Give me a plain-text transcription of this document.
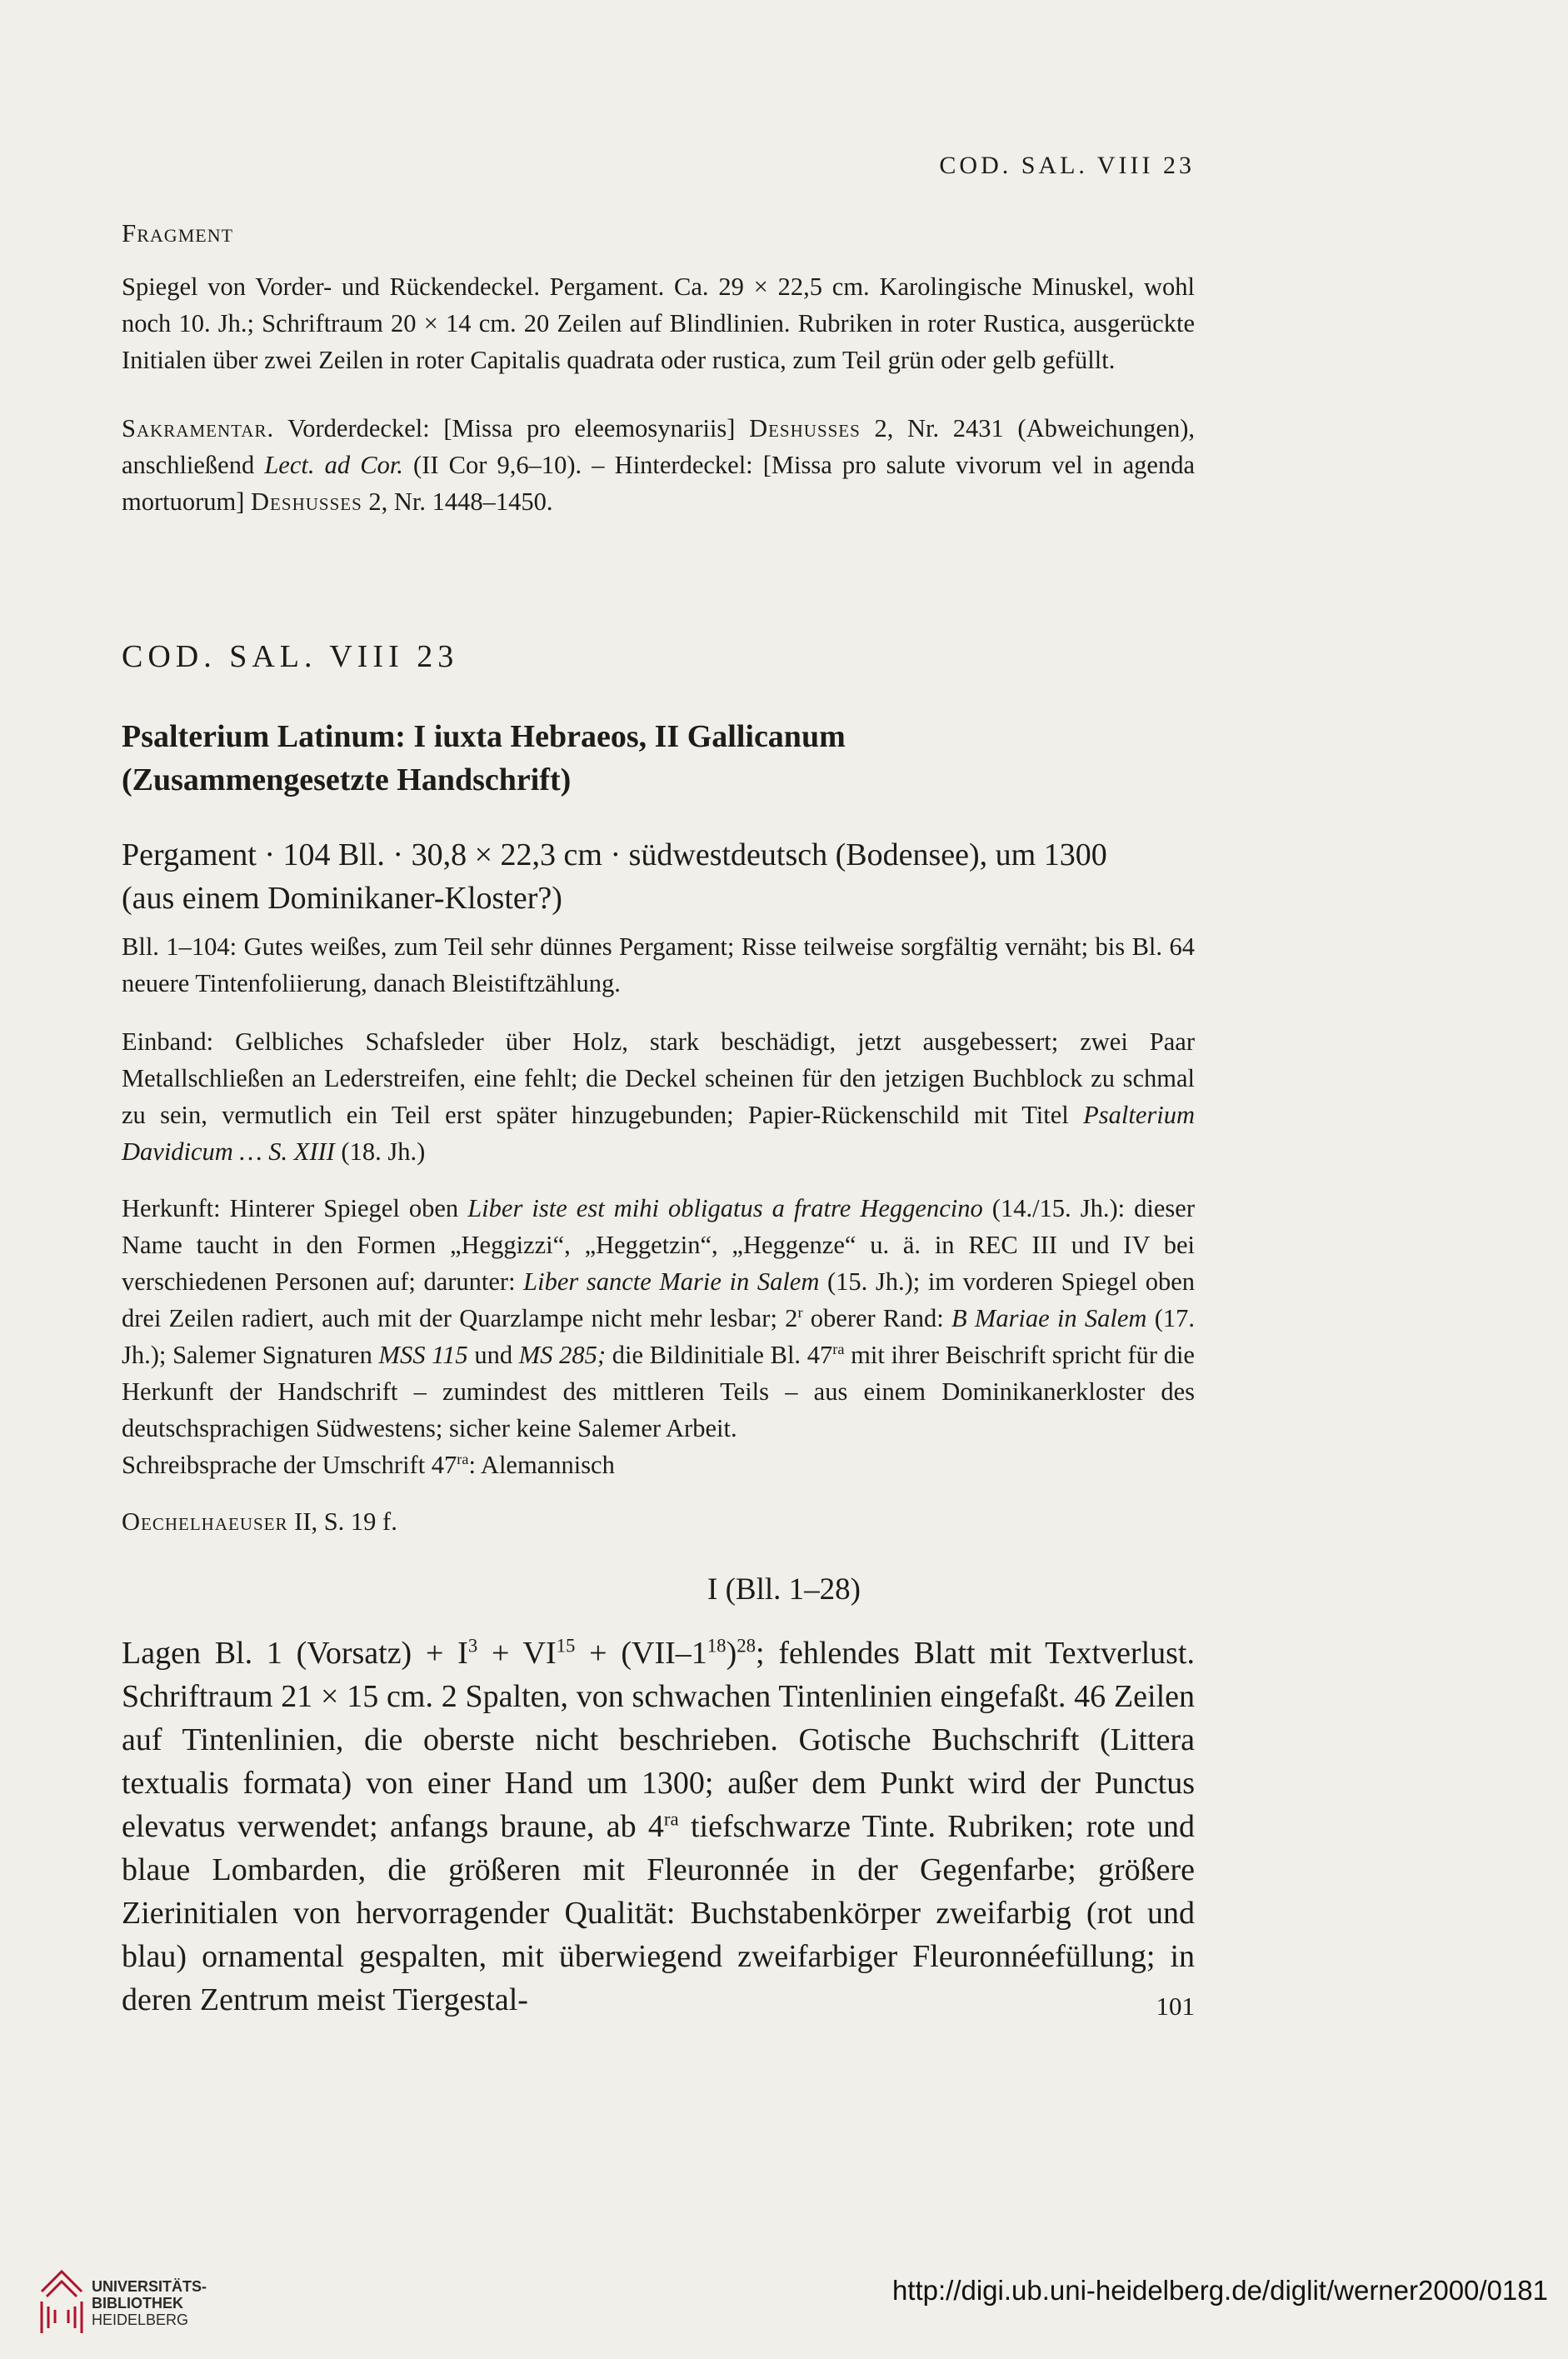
COD. SAL. VIII 23
Fragment

Spiegel von Vorder- und Rückendeckel. Pergament. Ca. 29 × 22,5 cm. Karolingische Minuskel, wohl noch 10. Jh.; Schriftraum 20 × 14 cm. 20 Zeilen auf Blindlinien. Rubriken in roter Rustica, ausgerückte Initialen über zwei Zeilen in roter Capitalis quadrata oder rustica, zum Teil grün oder gelb gefüllt.

Sakramentar. Vorderdeckel: [Missa pro eleemosynariis] Deshusses 2, Nr. 2431 (Abweichungen), anschließend Lect. ad Cor. (II Cor 9,6–10). – Hinterdeckel: [Missa pro salute vivorum vel in agenda mortuorum] Deshusses 2, Nr. 1448–1450.

COD. SAL. VIII 23
Psalterium Latinum: I iuxta Hebraeos, II Gallicanum
(Zusammengesetzte Handschrift)
Pergament · 104 Bll. · 30,8 × 22,3 cm · südwestdeutsch (Bodensee), um 1300
(aus einem Dominikaner-Kloster?)

Bll. 1–104: Gutes weißes, zum Teil sehr dünnes Pergament; Risse teilweise sorgfältig vernäht; bis Bl. 64 neuere Tintenfoliierung, danach Bleistiftzählung.

Einband: Gelbliches Schafsleder über Holz, stark beschädigt, jetzt ausgebessert; zwei Paar Metallschließen an Lederstreifen, eine fehlt; die Deckel scheinen für den jetzigen Buchblock zu schmal zu sein, vermutlich ein Teil erst später hinzugebunden; Papier-Rückenschild mit Titel Psalterium Davidicum … S. XIII (18. Jh.)

Herkunft: Hinterer Spiegel oben Liber iste est mihi obligatus a fratre Heggencino (14./15. Jh.): dieser Name taucht in den Formen „Heggizzi“, „Heggetzin“, „Heggenze“ u. ä. in REC III und IV bei verschiedenen Personen auf; darunter: Liber sancte Marie in Salem (15. Jh.); im vorderen Spiegel oben drei Zeilen radiert, auch mit der Quarzlampe nicht mehr lesbar; 2$^r$ oberer Rand: B Mariae in Salem (17. Jh.); Salemer Signaturen MSS 115 und MS 285; die Bildinitiale Bl. $47^{ra}$ mit ihrer Beischrift spricht für die Herkunft der Handschrift – zumindest des mittleren Teils – aus einem Dominikanerkloster des deutschsprachigen Südwestens; sicher keine Salemer Arbeit.

Schreibsprache der Umschrift $47^{ra}$: Alemannisch

Oechelhaeuser II, S. 19 f.

I (Bll. 1–28)

Lagen Bl. 1 (Vorsatz) + $I^3 + VI^{15} + (VII-1^{18})^{28}$; fehlendes Blatt mit Textverlust. Schriftraum 21 × 15 cm. 2 Spalten, von schwachen Tintenlinien eingefaßt. 46 Zeilen auf Tintenlinien, die oberste nicht beschrieben. Gotische Buchschrift (Littera textualis formata) von einer Hand um 1300; außer dem Punkt wird der Punctus elevatus verwendet; anfangs braune, ab $4^{ra}$ tiefschwarze Tinte. Rubriken; rote und blaue Lombarden, die größeren mit Fleuronnée in der Gegenfarbe; größere Zierinitialen von hervorragender Qualität: Buchstabenkörper zweifarbig (rot und blau) ornamental gespalten, mit überwiegend zweifarbiger Fleuronnéefüllung; in deren Zentrum meist Tiergestal-	101
UNIVERSITÄTS-
BIBLIOTHEK
HEIDELBERG
http://digi.ub.uni-heidelberg.de/diglit/werner2000/0181
